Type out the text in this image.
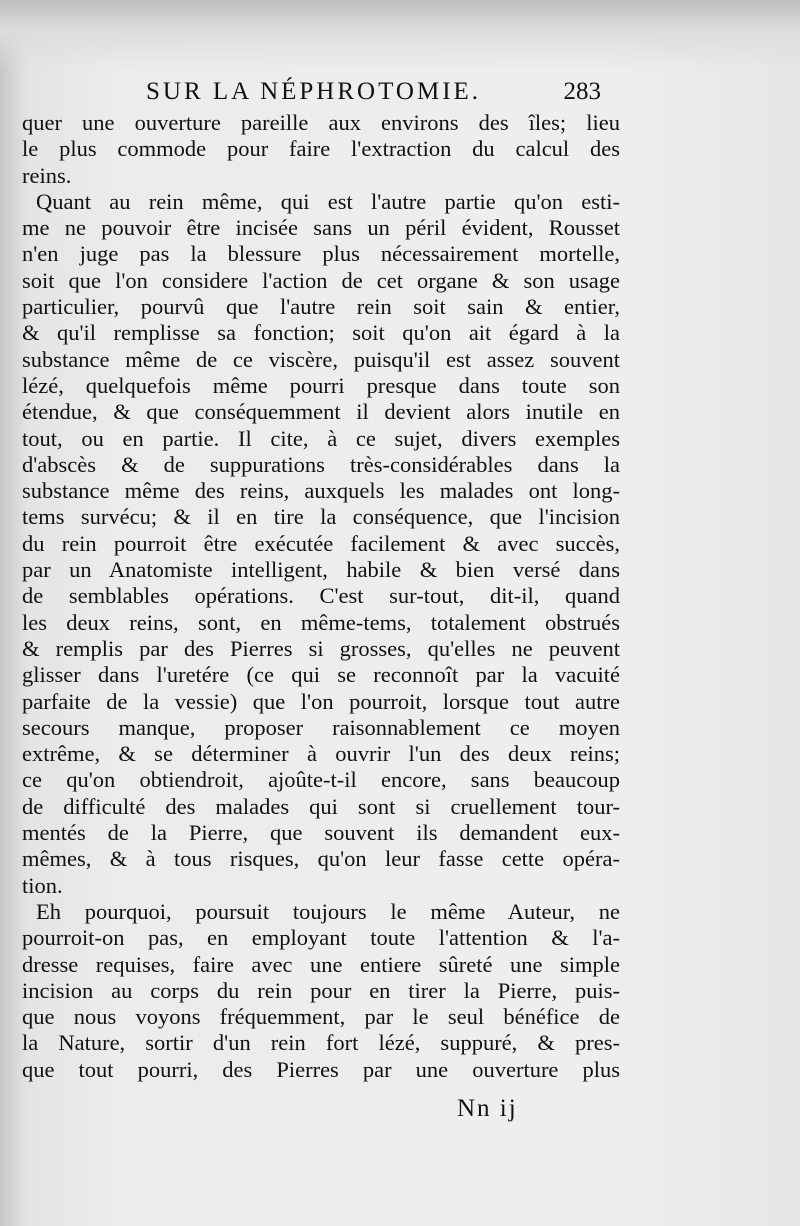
SUR LA NÉPHROTOMIE.	283
quer une ouverture pareille aux environs des îles; lieu
le plus commode pour faire l'extraction du calcul des
reins.
Quant au rein même, qui est l'autre partie qu'on esti-
me ne pouvoir être incisée sans un péril évident, Rousset
n'en juge pas la blessure plus nécessairement mortelle,
soit que l'on considere l'action de cet organe & son usage
particulier, pourvû que l'autre rein soit sain & entier,
& qu'il remplisse sa fonction; soit qu'on ait égard à la
substance même de ce viscère, puisqu'il est assez souvent
lézé, quelquefois même pourri presque dans toute son
étendue, & que conséquemment il devient alors inutile en
tout, ou en partie. Il cite, à ce sujet, divers exemples
d'abscès & de suppurations très-considérables dans la
substance même des reins, auxquels les malades ont long-
tems survécu; & il en tire la conséquence, que l'incision
du rein pourroit être exécutée facilement & avec succès,
par un Anatomiste intelligent, habile & bien versé dans
de semblables opérations. C'est sur-tout, dit-il, quand
les deux reins, sont, en même-tems, totalement obstrués
& remplis par des Pierres si grosses, qu'elles ne peuvent
glisser dans l'uretére (ce qui se reconnoît par la vacuité
parfaite de la vessie) que l'on pourroit, lorsque tout autre
secours manque, proposer raisonnablement ce moyen
extrême, & se déterminer à ouvrir l'un des deux reins;
ce qu'on obtiendroit, ajoûte-t-il encore, sans beaucoup
de difficulté des malades qui sont si cruellement tour-
mentés de la Pierre, que souvent ils demandent eux-
mêmes, & à tous risques, qu'on leur fasse cette opéra-
tion.
Eh pourquoi, poursuit toujours le même Auteur, ne
pourroit-on pas, en employant toute l'attention & l'a-
dresse requises, faire avec une entiere sûreté une simple
incision au corps du rein pour en tirer la Pierre, puis-
que nous voyons fréquemment, par le seul bénéfice de
la Nature, sortir d'un rein fort lézé, suppuré, & pres-
que tout pourri, des Pierres par une ouverture plus
Nn ij
